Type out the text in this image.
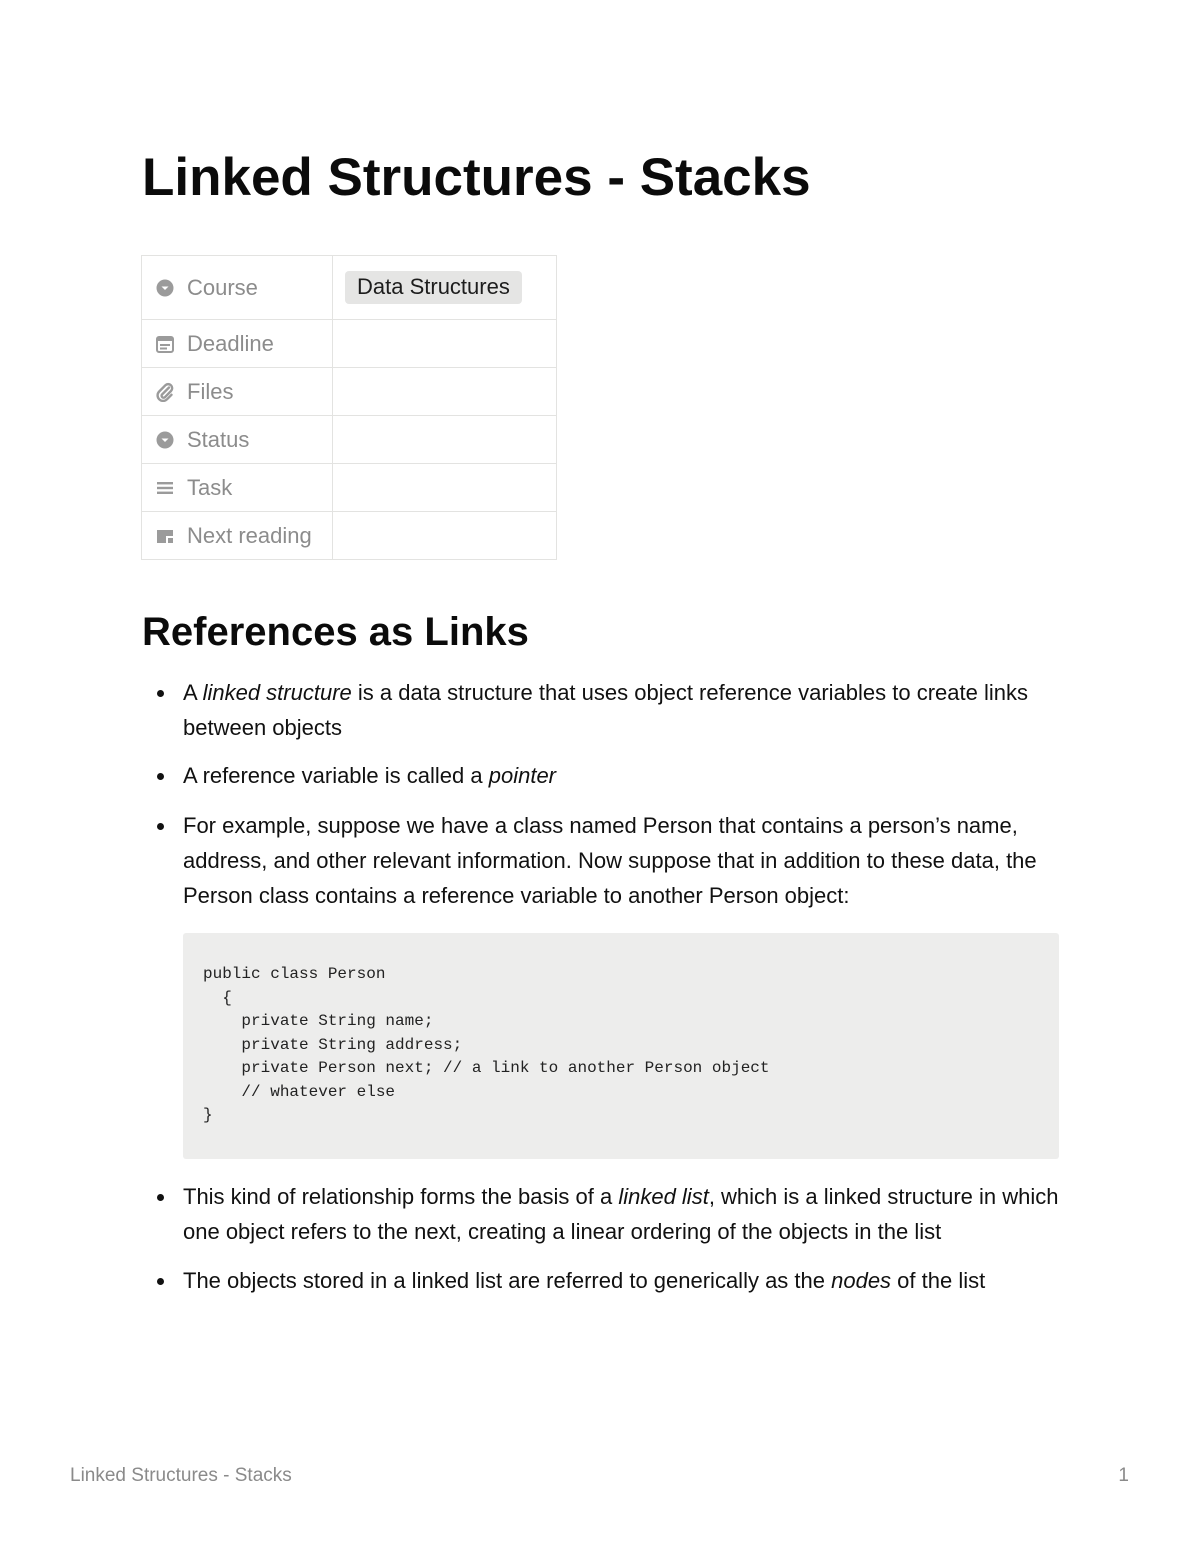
Linked Structures - Stacks
Course	Data Structures

Deadline	

Files	

Status	

Task	

Next reading	

References as Links
A linked structure is a data structure that uses object reference variables to create links between objects
A reference variable is called a pointer
For example, suppose we have a class named Person that contains a person’s name, address, and other relevant information. Now suppose that in addition to these data, the Person class contains a reference variable to another Person object:
public class Person
{
private String name;
private String address;
private Person next; // a link to another Person object
// whatever else
}
This kind of relationship forms the basis of a linked list, which is a linked structure in which one object refers to the next, creating a linear ordering of the objects in the list
The objects stored in a linked list are referred to generically as the nodes of the list
Linked Structures - Stacks	1
